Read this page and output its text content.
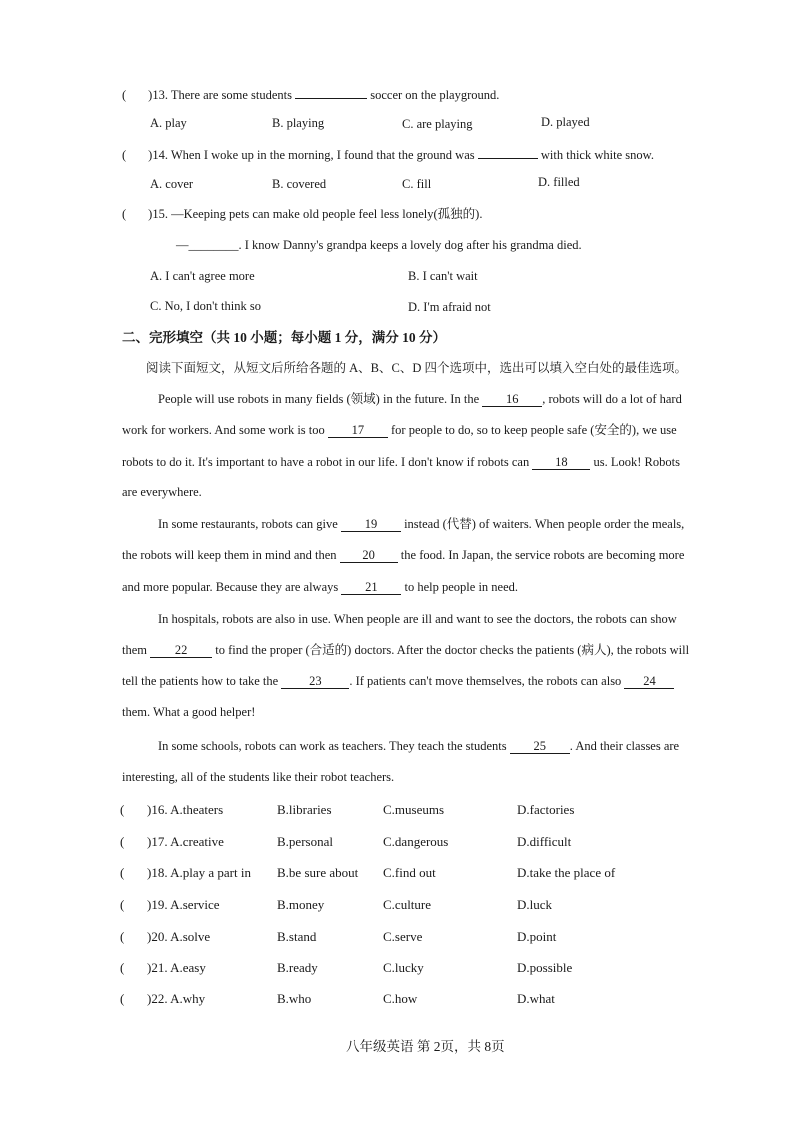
( )13. There are some students	soccer on the playground.
A. play	B. playing	C. are playing	D. played
( )14. When I woke up in the morning, I found that the ground was	with thick white snow.
A. cover	B. covered	C. fill	D. filled
( )15. —Keeping pets can make old people feel less lonely(孤独的).
—________. I know Danny's grandpa keeps a lovely dog after his grandma died.
A. I can't agree more	B. I can't wait
C. No, I don't think so	D. I'm afraid not
二、完形填空（共 10 小题；每小题 1 分，满分 10 分）
阅读下面短文，从短文后所给各题的 A、B、C、D 四个选项中，选出可以填入空白处的最佳选项。
People will use robots in many fields (领域) in the future. In the 16 , robots will do a lot of hard
work for workers. And some work is too 17 for people to do, so to keep people safe (安全的), we use
robots to do it. It's important to have a robot in our life. I don't know if robots can 18 us. Look! Robots
are everywhere.
In some restaurants, robots can give 19 instead (代替) of waiters. When people order the meals,
the robots will keep them in mind and then 20 the food. In Japan, the service robots are becoming more
and more popular. Because they are always 21 to help people in need.
In hospitals, robots are also in use. When people are ill and want to see the doctors, the robots can show
them 22 to find the proper (合适的) doctors. After the doctor checks the patients (病人), the robots will
tell the patients how to take the 23 . If patients can't move themselves, the robots can also 24
them. What a good helper!
In some schools, robots can work as teachers. They teach the students 25 . And their classes are
interesting, all of the students like their robot teachers.
( )16. A.theaters	B.libraries	C.museums	D.factories
( )17. A.creative	B.personal	C.dangerous	D.difficult
( )18. A.play a part in B.be sure about C.find out	D.take the place of
( )19. A.service	B.money	C.culture	D.luck
( )20. A.solve	B.stand	C.serve	D.point
( )21. A.easy	B.ready	C.lucky	D.possible
( )22. A.why	B.who	C.how	D.what
八年级英语 第 2页，共 8页
